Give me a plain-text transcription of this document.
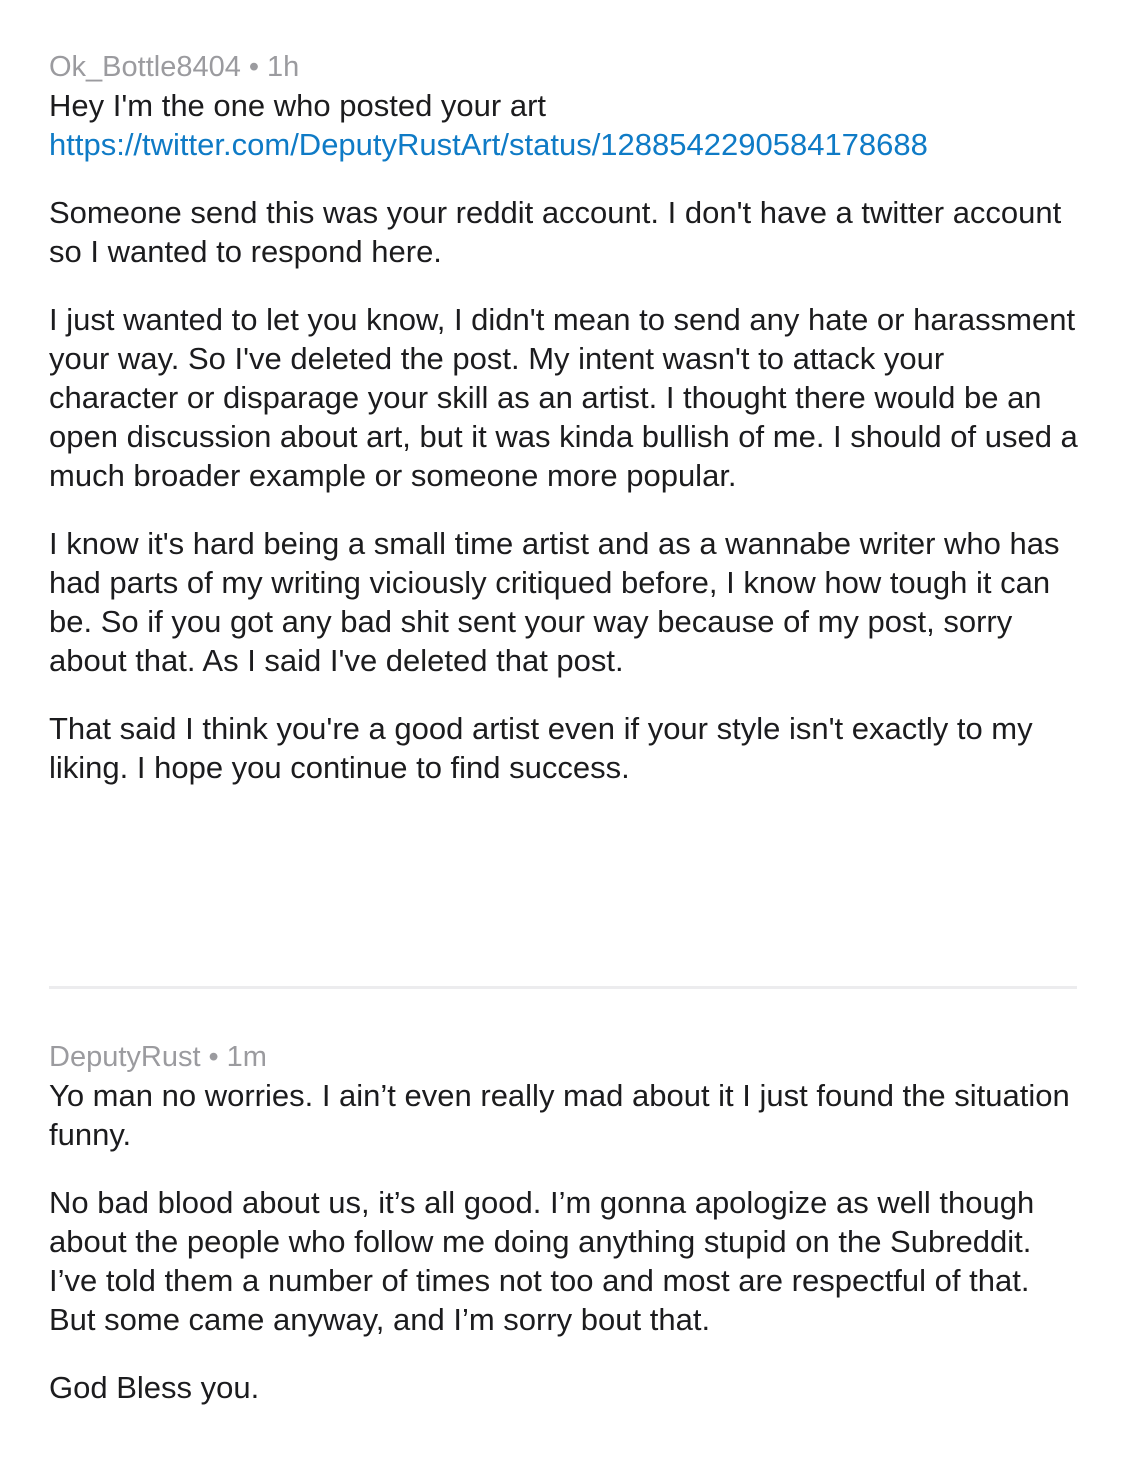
Ok_Bottle8404 • 1h
Hey I'm the one who posted your art
https://twitter.com/DeputyRustArt/status/1288542290584178688
Someone send this was your reddit account. I don't have a twitter account so I wanted to respond here.
I just wanted to let you know, I didn't mean to send any hate or harassment your way. So I've deleted the post. My intent wasn't to attack your character or disparage your skill as an artist. I thought there would be an open discussion about art, but it was kinda bullish of me. I should of used a much broader example or someone more popular.
I know it's hard being a small time artist and as a wannabe writer who has had parts of my writing viciously critiqued before, I know how tough it can be. So if you got any bad shit sent your way because of my post, sorry about that. As I said I've deleted that post.
That said I think you're a good artist even if your style isn't exactly to my liking. I hope you continue to find success.
DeputyRust • 1m
Yo man no worries. I ain’t even really mad about it I just found the situation funny.
No bad blood about us, it’s all good. I’m gonna apologize as well though about the people who follow me doing anything stupid on the Subreddit. I’ve told them a number of times not too and most are respectful of that. But some came anyway, and I’m sorry bout that.
God Bless you.
